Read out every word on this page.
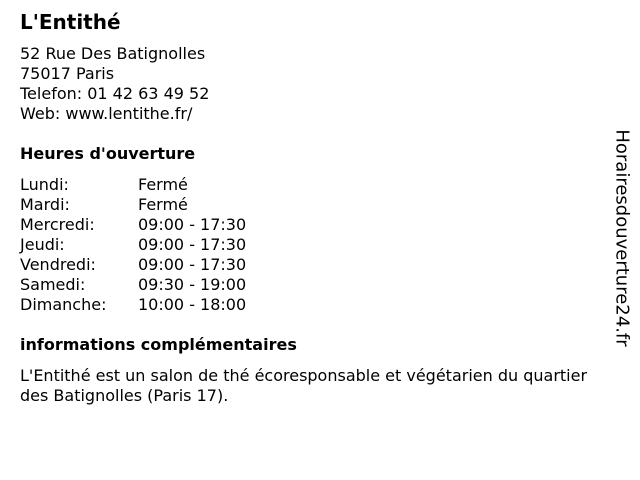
L'Entithé

52 Rue Des Batignolles

75017 Paris

Telefon: 01 42 63 49 52

Web: www.lentithe.fr/

Heures d'ouverture
Lundi:	Fermé
Mardi:	Fermé
Mercredi:	09:00 - 17:30
Jeudi:	09:00 - 17:30
Vendredi:	09:00 - 17:30
Samedi:	09:30 - 19:00
Dimanche:	10:00 - 18:00
informations complémentaires

L'Entithé est un salon de thé écoresponsable et végétarien du quartier des Batignolles (Paris 17).

Horairesdouverture24.fr
